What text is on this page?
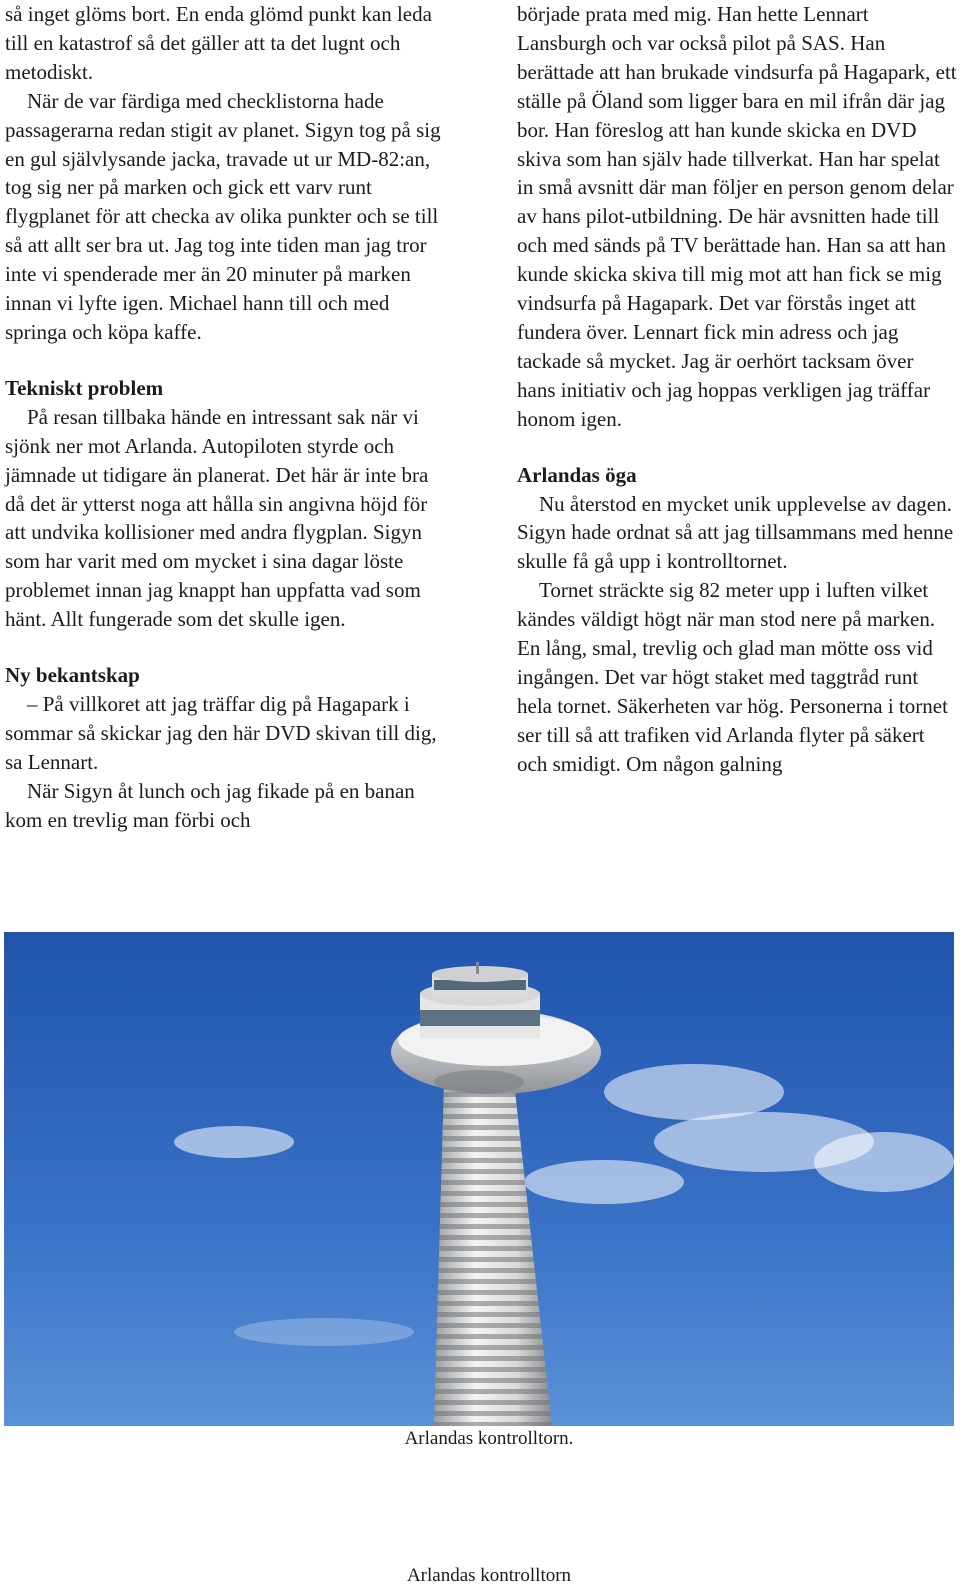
så inget glöms bort. En enda glömd punkt kan leda till en katastrof så det gäller att ta det lugnt och metodiskt.

När de var färdiga med checklistorna hade passagerarna redan stigit av planet. Sigyn tog på sig en gul självlysande jacka, travade ut ur MD-82:an, tog sig ner på marken och gick ett varv runt flygplanet för att checka av olika punkter och se till så att allt ser bra ut. Jag tog inte tiden man jag tror inte vi spenderade mer än 20 minuter på marken innan vi lyfte igen. Michael hann till och med springa och köpa kaffe.

Tekniskt problem

På resan tillbaka hände en intressant sak när vi sjönk ner mot Arlanda. Autopiloten styrde och jämnade ut tidigare än planerat. Det här är inte bra då det är ytterst noga att hålla sin angivna höjd för att undvika kollisioner med andra flygplan. Sigyn som har varit med om mycket i sina dagar löste problemet innan jag knappt han uppfatta vad som hänt. Allt fungerade som det skulle igen.

Ny bekantskap

– På villkoret att jag träffar dig på Hagapark i sommar så skickar jag den här DVD skivan till dig, sa Lennart.

När Sigyn åt lunch och jag fikade på en banan kom en trevlig man förbi och

började prata med mig. Han hette Lennart Lansburgh och var också pilot på SAS. Han berättade att han brukade vindsurfa på Hagapark, ett ställe på Öland som ligger bara en mil ifrån där jag bor. Han föreslog att han kunde skicka en DVD skiva som han själv hade tillverkat. Han har spelat in små avsnitt där man följer en person genom delar av hans pilot-utbildning. De här avsnitten hade till och med sänds på TV berättade han. Han sa att han kunde skicka skiva till mig mot att han fick se mig vindsurfa på Hagapark. Det var förstås inget att fundera över. Lennart fick min adress och jag tackade så mycket. Jag är oerhört tacksam över hans initiativ och jag hoppas verkligen jag träffar honom igen.

Arlandas öga

Nu återstod en mycket unik upplevelse av dagen. Sigyn hade ordnat så att jag tillsammans med henne skulle få gå upp i kontrolltornet.

Tornet sträckte sig 82 meter upp i luften vilket kändes väldigt högt när man stod nere på marken. En lång, smal, trevlig och glad man mötte oss vid ingången. Det var högt staket med taggtråd runt hela tornet. Säkerheten var hög. Personerna i tornet ser till så att trafiken vid Arlanda flyter på säkert och smidigt. Om någon galning

Arlandas kontrolltorn.
Arlandas kontrolltorn
